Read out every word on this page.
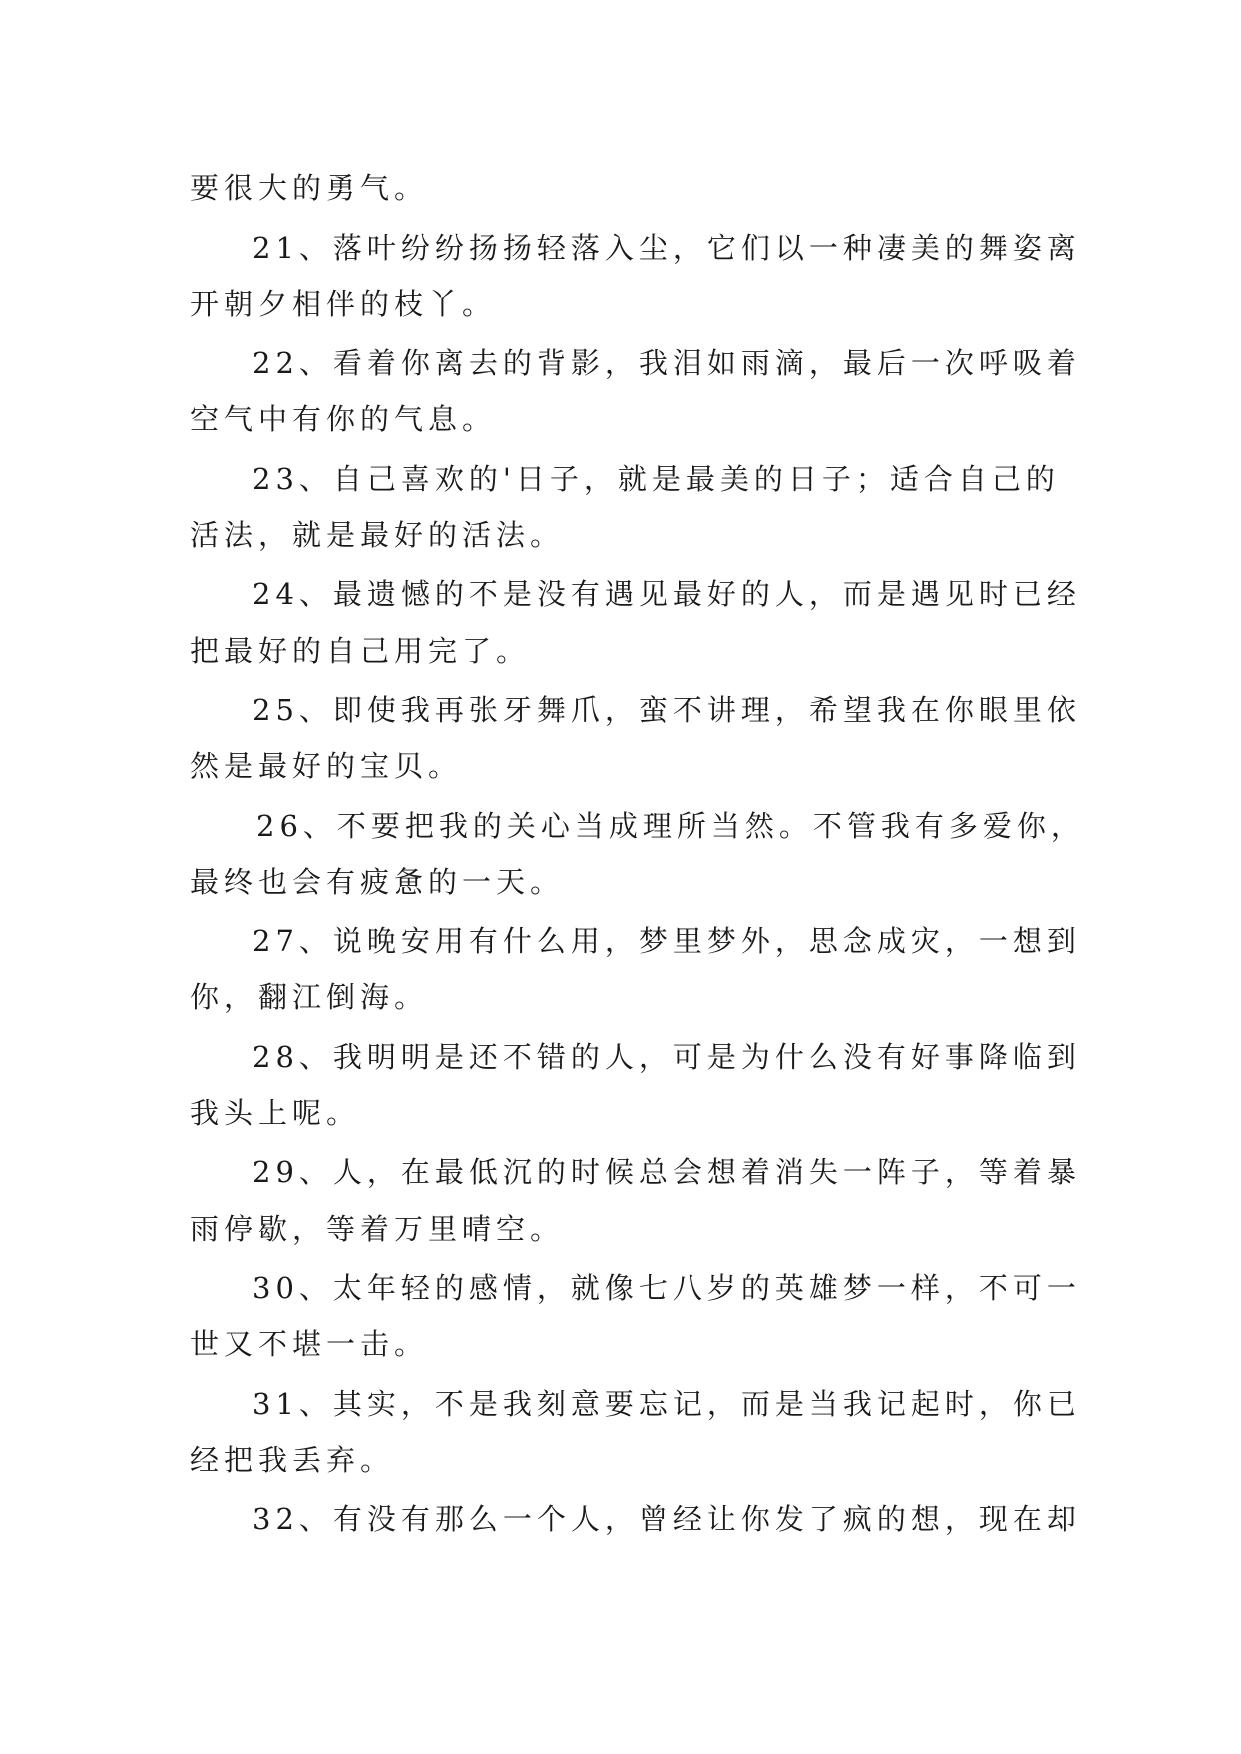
要很大的勇气。
21、落叶纷纷扬扬轻落入尘，它们以一种凄美的舞姿离
开朝夕相伴的枝丫。
22、看着你离去的背影，我泪如雨滴，最后一次呼吸着
空气中有你的气息。
23、自己喜欢的'日子，就是最美的日子；适合自己的
活法，就是最好的活法。
24、最遗憾的不是没有遇见最好的人，而是遇见时已经
把最好的自己用完了。
25、即使我再张牙舞爪，蛮不讲理，希望我在你眼里依
然是最好的宝贝。
26、不要把我的关心当成理所当然。不管我有多爱你，
最终也会有疲惫的一天。
27、说晚安用有什么用，梦里梦外，思念成灾，一想到
你，翻江倒海。
28、我明明是还不错的人，可是为什么没有好事降临到
我头上呢。
29、人，在最低沉的时候总会想着消失一阵子，等着暴
雨停歇，等着万里晴空。
30、太年轻的感情，就像七八岁的英雄梦一样，不可一
世又不堪一击。
31、其实，不是我刻意要忘记，而是当我记起时，你已
经把我丢弃。
32、有没有那么一个人，曾经让你发了疯的想，现在却
